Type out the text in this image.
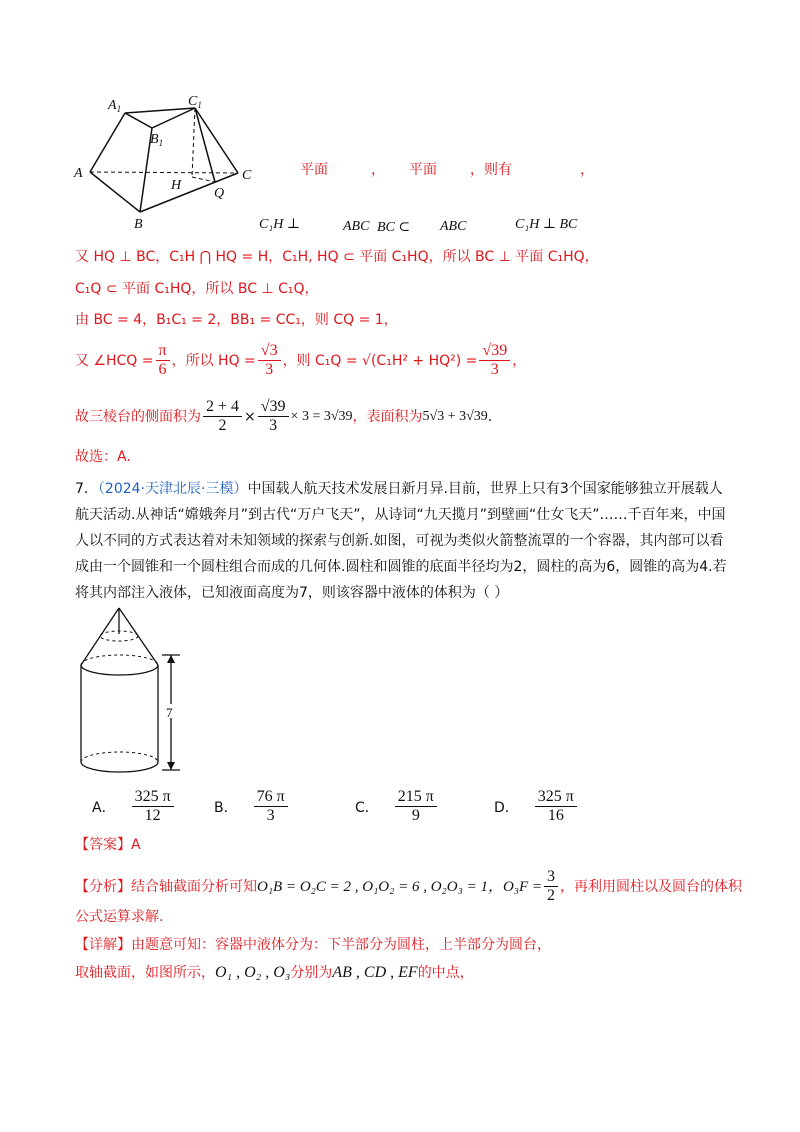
$A_1$	$C_1$
$B_1$
A	C
H
Q
B
平面	， 平面 ，则有	，
C₁H ⊥	ABC BC ⊂ ABC	C₁H ⊥ BC
又 HQ ⊥ BC，C₁H ⋂ HQ = H，C₁H, HQ ⊂ 平面 C₁HQ，所以 BC ⊥ 平面 C₁HQ，
C₁Q ⊂ 平面 C₁HQ，所以 BC ⊥ C₁Q，
由 BC = 4，B₁C₁ = 2，BB₁ = CC₁，则 CQ = 1，
又 ∠HCQ = $\frac{\pi}{6}$ ，所以 HQ = $\frac{√3}{3}$ ，则 $C_1Q = √(C_1H^2 + HQ^2) = \frac{√39}{3}$ ，
故三棱台的侧面积为 $\frac{2 + 4}{2} \times \frac{√39}{3} \times 3 = 3√39$ ，表面积为 5√3 + 3√39 .
故选：A.
7．（2024·天津北辰·三模）中国载人航天技术发展日新月异.目前，世界上只有3个国家能够独立开展载人航天活动.从神话“嫦娥奔月”到古代“万户飞天”，从诗词“九天揽月”到壁画“仕女飞天”……千百年来，中国人以不同的方式表达着对未知领域的探索与创新.如图，可视为类似火箭整流罩的一个容器，其内部可以看成由一个圆锥和一个圆柱组合而成的几何体.圆柱和圆锥的底面半径均为2，圆柱的高为6，圆锥的高为4.若将其内部注入液体，已知液面高度为7，则该容器中液体的体积为（ ）
7
A． $\frac{325 \pi}{12}$	B． $\frac{76 \pi}{3}$	C． $\frac{215 \pi}{9}$	D． $\frac{325 \pi}{16}$
【答案】A
【分析】 结合轴截面分析可知 O₁B = O₂C = 2 , O₁O₂ = 6 , O₂O₃ = 1，$O_3F = \frac{3}{2}$ ，再利用圆柱以及圆台的体积
公式运算求解.
【详解】由题意可知：容器中液体分为：下半部分为圆柱，上半部分为圆台，
取轴截面，如图所示，O₁ , O₂ , O₃分别为AB , CD , EF的中点，
